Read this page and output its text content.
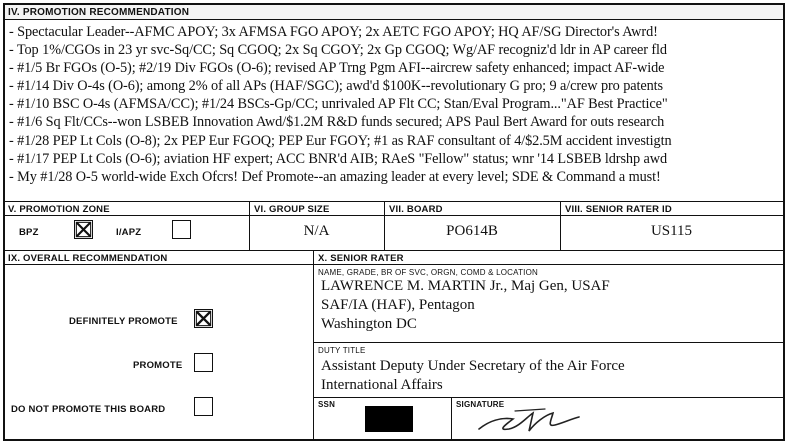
IV. PROMOTION RECOMMENDATION
- Spectacular Leader--AFMC APOY; 3x AFMSA FGO APOY; 2x AETC FGO APOY; HQ AF/SG Director's Awrd!
- Top 1%/CGOs in 23 yr svc-Sq/CC; Sq CGOQ; 2x Sq CGOY; 2x Gp CGOQ; Wg/AF recogniz'd ldr in AP career fld
- #1/5 Br FGOs (O-5); #2/19 Div FGOs (O-6); revised AP Trng Pgm AFI--aircrew safety enhanced; impact AF-wide
- #1/14 Div O-4s (O-6); among 2% of all APs (HAF/SGC); awd'd $100K--revolutionary G pro; 9 a/crew pro patents
- #1/10 BSC O-4s (AFMSA/CC); #1/24 BSCs-Gp/CC; unrivaled AP Flt CC; Stan/Eval Program..."AF Best Practice"
- #1/6 Sq Flt/CCs--won LSBEB Innovation Awd/$1.2M R&D funds secured; APS Paul Bert Award for outs research
- #1/28 PEP Lt Cols (O-8); 2x PEP Eur FGOQ; PEP Eur FGOY; #1 as RAF consultant of 4/$2.5M accident investigtn
- #1/17 PEP Lt Cols (O-6); aviation HF expert; ACC BNR'd AIB; RAeS "Fellow" status; wnr '14 LSBEB ldrshp awd
- My #1/28 O-5 world-wide Exch Ofcrs! Def Promote--an amazing leader at every level; SDE & Command a must!
V. PROMOTION ZONE	VI. GROUP SIZE	VII. BOARD	VIII. SENIOR RATER ID
BPZ	I/APZ	N/A	PO614B	US115
IX. OVERALL RECOMMENDATION	X. SENIOR RATER
DEFINITELY PROMOTE
PROMOTE
DO NOT PROMOTE THIS BOARD
NAME, GRADE, BR OF SVC, ORGN, COMD & LOCATION
LAWRENCE M. MARTIN Jr., Maj Gen, USAF
SAF/IA (HAF), Pentagon
Washington DC
DUTY TITLE
Assistant Deputy Under Secretary of the Air Force
International Affairs
SSN	SIGNATURE
